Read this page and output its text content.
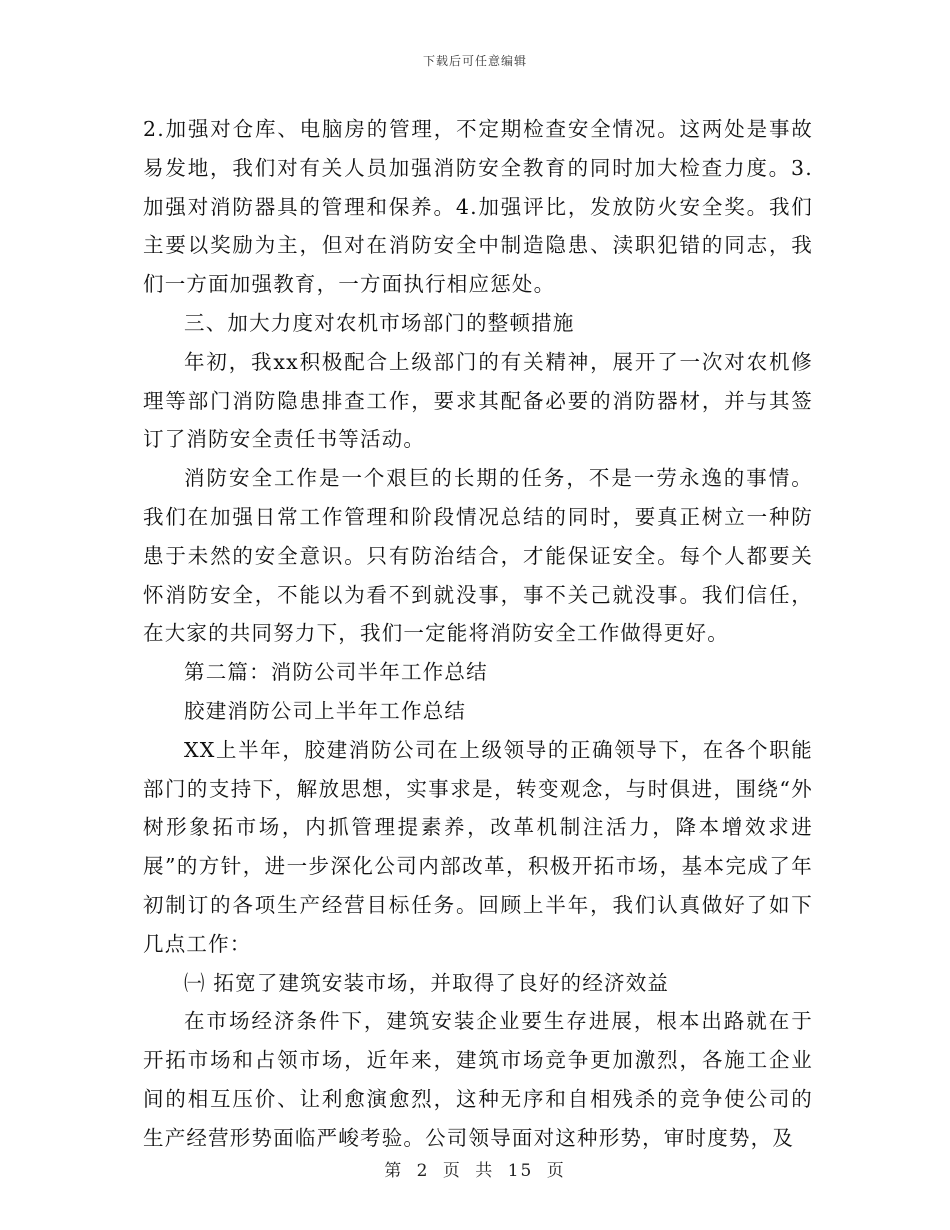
下载后可任意编辑

2.加强对仓库、电脑房的管理，不定期检查安全情况。这两处是事故易发地，我们对有关人员加强消防安全教育的同时加大检查力度。3.加强对消防器具的管理和保养。4.加强评比，发放防火安全奖。我们主要以奖励为主，但对在消防安全中制造隐患、渎职犯错的同志，我们一方面加强教育，一方面执行相应惩处。

三、加大力度对农机市场部门的整顿措施

年初，我xx积极配合上级部门的有关精神，展开了一次对农机修理等部门消防隐患排查工作，要求其配备必要的消防器材，并与其签订了消防安全责任书等活动。

消防安全工作是一个艰巨的长期的任务，不是一劳永逸的事情。我们在加强日常工作管理和阶段情况总结的同时，要真正树立一种防患于未然的安全意识。只有防治结合，才能保证安全。每个人都要关怀消防安全，不能以为看不到就没事，事不关己就没事。我们信任，在大家的共同努力下，我们一定能将消防安全工作做得更好。

第二篇：消防公司半年工作总结

胶建消防公司上半年工作总结

XX上半年，胶建消防公司在上级领导的正确领导下，在各个职能部门的支持下，解放思想，实事求是，转变观念，与时俱进，围绕“外树形象拓市场，内抓管理提素养，改革机制注活力，降本增效求进展”的方针，进一步深化公司内部改革，积极开拓市场，基本完成了年初制订的各项生产经营目标任务。回顾上半年，我们认真做好了如下几点工作：

㈠ 拓宽了建筑安装市场，并取得了良好的经济效益

在市场经济条件下，建筑安装企业要生存进展，根本出路就在于开拓市场和占领市场，近年来，建筑市场竞争更加激烈，各施工企业间的相互压价、让利愈演愈烈，这种无序和自相残杀的竞争使公司的生产经营形势面临严峻考验。公司领导面对这种形势，审时度势，及

第 2 页 共 15 页
